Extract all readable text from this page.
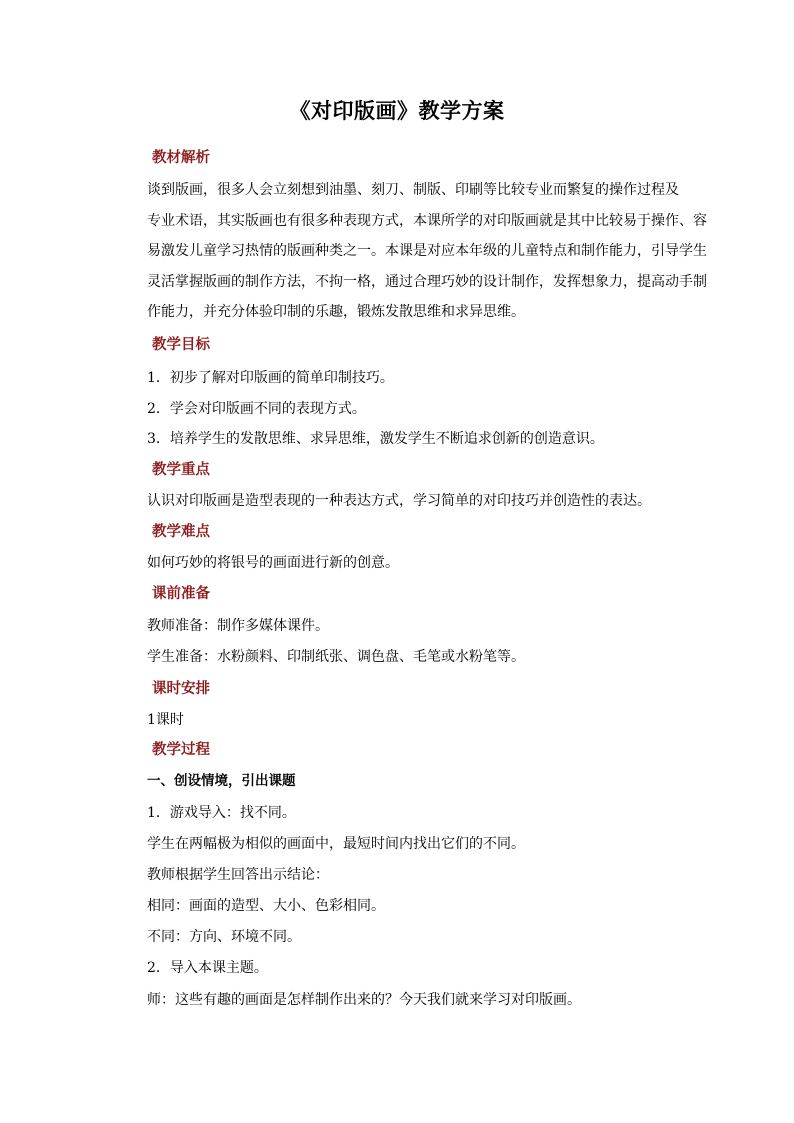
《对印版画》教学方案
教材解析
谈到版画，很多人会立刻想到油墨、刻刀、制版、印刷等比较专业而繁复的操作过程及
专业术语，其实版画也有很多种表现方式，本课所学的对印版画就是其中比较易于操作、容
易激发儿童学习热情的版画种类之一。本课是对应本年级的儿童特点和制作能力，引导学生
灵活掌握版画的制作方法，不拘一格，通过合理巧妙的设计制作，发挥想象力，提高动手制
作能力，并充分体验印制的乐趣，锻炼发散思维和求异思维。
教学目标
1．初步了解对印版画的简单印制技巧。
2．学会对印版画不同的表现方式。
3．培养学生的发散思维、求异思维，激发学生不断追求创新的创造意识。
教学重点
认识对印版画是造型表现的一种表达方式，学习简单的对印技巧并创造性的表达。
教学难点
如何巧妙的将银号的画面进行新的创意。
课前准备
教师准备：制作多媒体课件。
学生准备：水粉颜料、印制纸张、调色盘、毛笔或水粉笔等。
课时安排
1课时
教学过程
一、创设情境，引出课题
1．游戏导入：找不同。
学生在两幅极为相似的画面中，最短时间内找出它们的不同。
教师根据学生回答出示结论：
相同：画面的造型、大小、色彩相同。
不同：方向、环境不同。
2．导入本课主题。
师：这些有趣的画面是怎样制作出来的？今天我们就来学习对印版画。
